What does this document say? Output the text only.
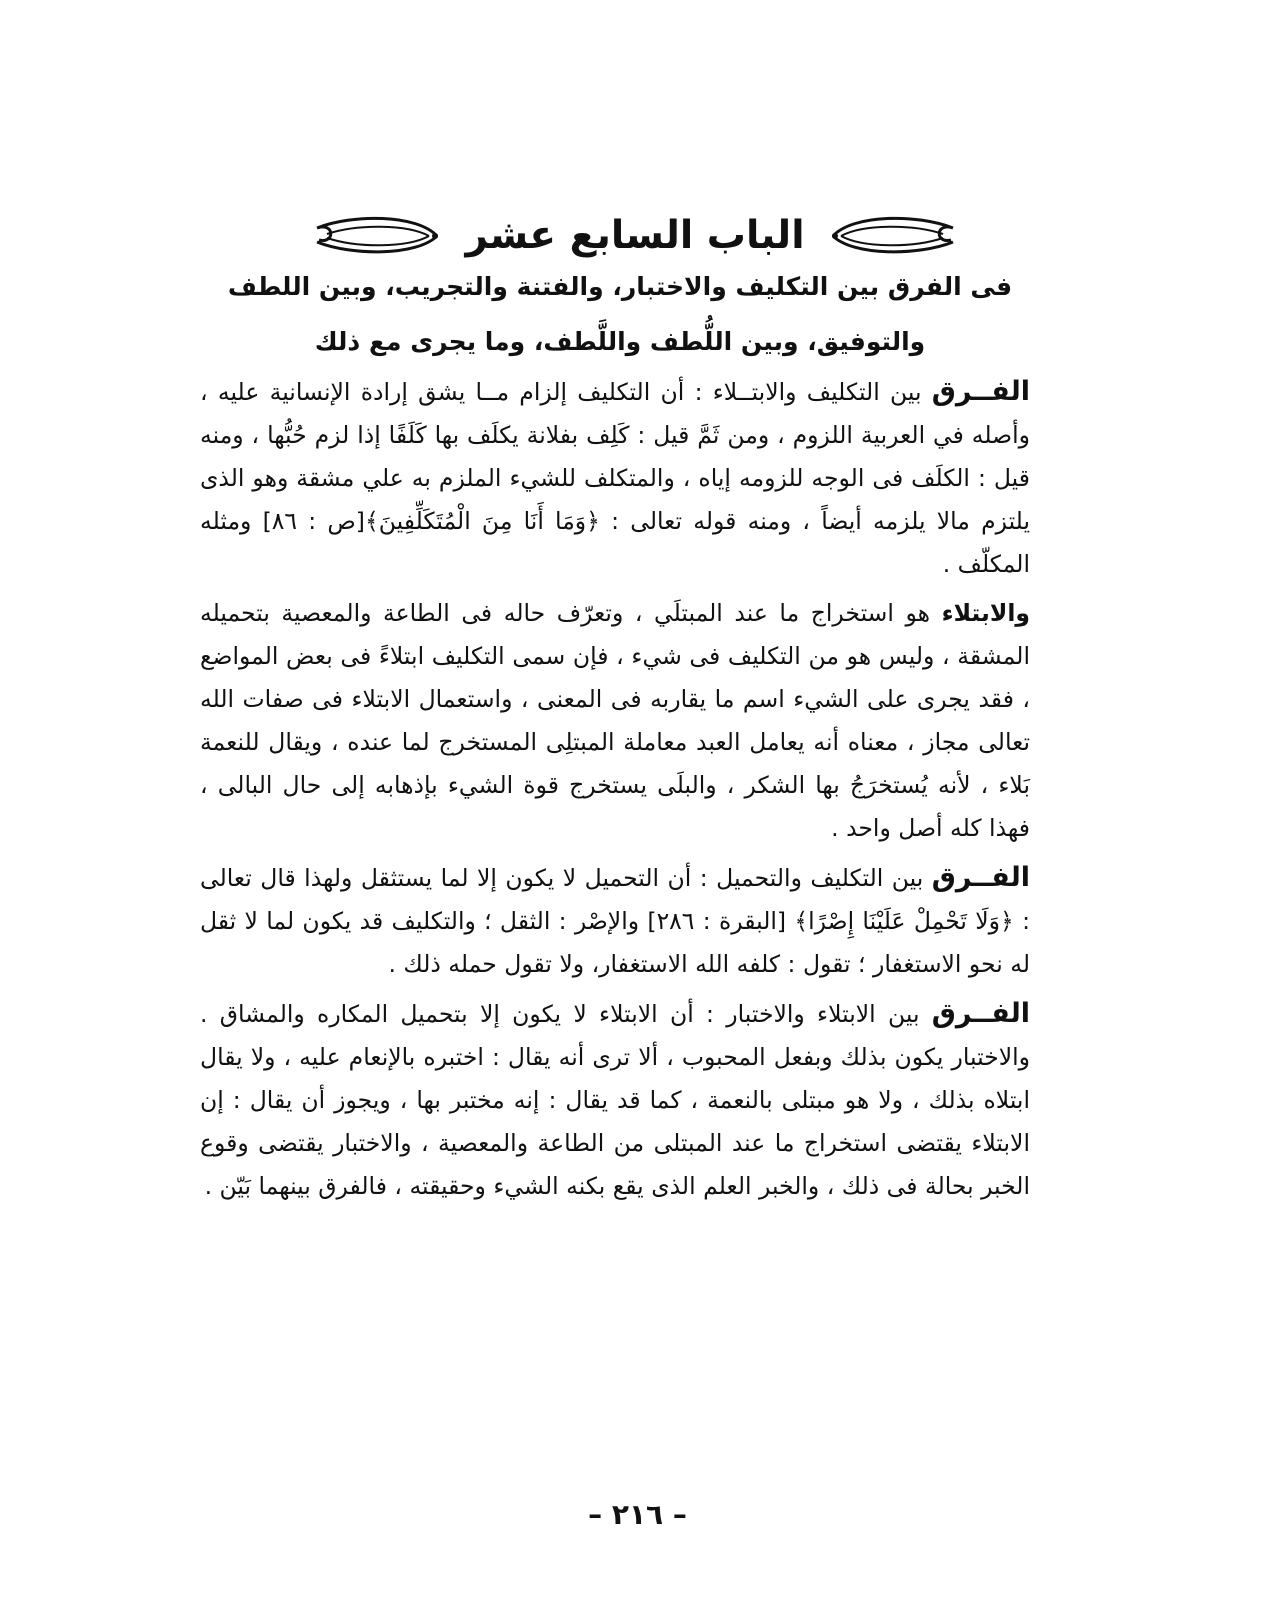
الباب السابع عشر
فى الفرق بين التكليف والاختبار، والفتنة والتجريب، وبين اللطف
والتوفيق، وبين اللُّطف واللَّطف، وما يجرى مع ذلك

الفــرق بين التكليف والابتــلاء : أن التكليف إلزام مــا يشق إرادة الإنسانية عليه ، وأصله في العربية اللزوم ، ومن ثَمَّ قيل : كَلِف بفلانة يكلَف بها كَلَفًا إذا لزم حُبُّها ، ومنه قيل : الكلَف فى الوجه للزومه إياه ، والمتكلف للشيء الملزم به علي مشقة وهو الذى يلتزم مالا يلزمه أيضاً ، ومنه قوله تعالى : ﴿وَمَا أَنَا مِنَ الْمُتَكَلِّفِينَ﴾[ص : ٨٦] ومثله المكلّف .

والابتلاء هو استخراج ما عند المبتلَي ، وتعرّف حاله فى الطاعة والمعصية بتحميله المشقة ، وليس هو من التكليف فى شيء ، فإن سمى التكليف ابتلاءً فى بعض المواضع ، فقد يجرى على الشيء اسم ما يقاربه فى المعنى ، واستعمال الابتلاء فى صفات الله تعالى مجاز ، معناه أنه يعامل العبد معاملة المبتلِى المستخرج لما عنده ، ويقال للنعمة بَلاء ، لأنه يُستخرَجُ بها الشكر ، والبلَى يستخرج قوة الشيء بإذهابه إلى حال البالى ، فهذا كله أصل واحد .

الفــرق بين التكليف والتحميل : أن التحميل لا يكون إلا لما يستثقل ولهذا قال تعالى : ﴿وَلَا تَحْمِلْ عَلَيْنَا إِصْرًا﴾ [البقرة : ٢٨٦] والإصْر : الثقل ؛ والتكليف قد يكون لما لا ثقل له نحو الاستغفار ؛ تقول : كلفه الله الاستغفار، ولا تقول حمله ذلك .

الفــرق بين الابتلاء والاختبار : أن الابتلاء لا يكون إلا بتحميل المكاره والمشاق . والاختبار يكون بذلك وبفعل المحبوب ، ألا ترى أنه يقال : اختبره بالإنعام عليه ، ولا يقال ابتلاه بذلك ، ولا هو مبتلى بالنعمة ، كما قد يقال : إنه مختبر بها ، ويجوز أن يقال : إن الابتلاء يقتضى استخراج ما عند المبتلى من الطاعة والمعصية ، والاختبار يقتضى وقوع الخبر بحالة فى ذلك ، والخبر العلم الذى يقع بكنه الشيء وحقيقته ، فالفرق بينهما بَيّن .

– ٢١٦ –
